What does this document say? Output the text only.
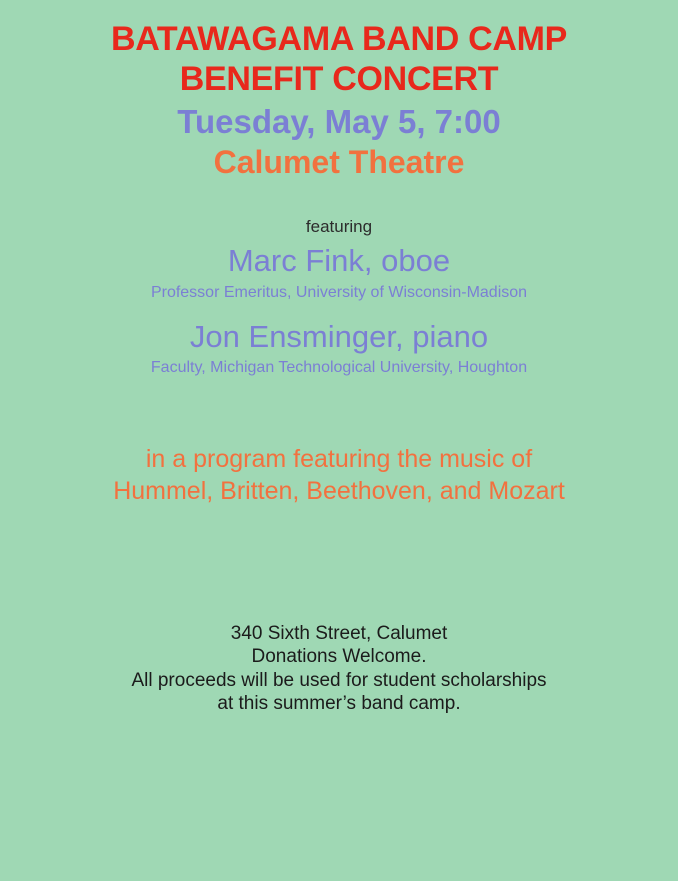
BATAWAGAMA BAND CAMP
BENEFIT CONCERT
Tuesday, May 5, 7:00
Calumet Theatre
featuring
Marc Fink, oboe
Professor Emeritus, University of Wisconsin-Madison
Jon Ensminger, piano
Faculty, Michigan Technological University, Houghton
in a program featuring the music of
Hummel, Britten, Beethoven, and Mozart
340 Sixth Street, Calumet
Donations Welcome.
All proceeds will be used for student scholarships
at this summer’s band camp.
